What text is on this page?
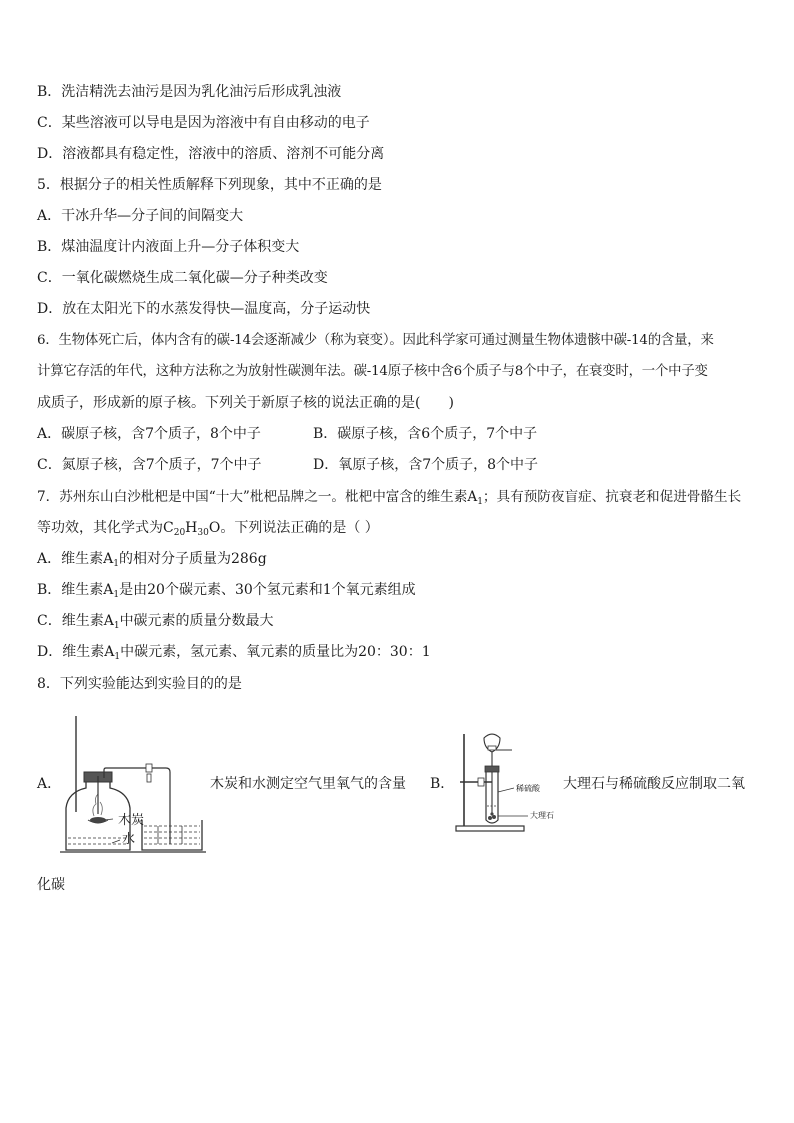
B．洗洁精洗去油污是因为乳化油污后形成乳浊液
C．某些溶液可以导电是因为溶液中有自由移动的电子
D．溶液都具有稳定性，溶液中的溶质、溶剂不可能分离
5．根据分子的相关性质解释下列现象，其中不正确的是
A．干冰升华—分子间的间隔变大
B．煤油温度计内液面上升—分子体积变大
C．一氧化碳燃烧生成二氧化碳—分子种类改变
D．放在太阳光下的水蒸发得快—温度高，分子运动快
6．生物体死亡后，体内含有的碳-14会逐渐减少（称为衰变）。因此科学家可通过测量生物体遗骸中碳-14的含量，来
计算它存活的年代，这种方法称之为放射性碳测年法。碳-14原子核中含6个质子与8个中子，在衰变时，一个中子变
成质子，形成新的原子核。下列关于新原子核的说法正确的是(　　)
A．碳原子核，含7个质子，8个中子	B．碳原子核，含6个质子，7个中子
C．氮原子核，含7个质子，7个中子	D．氧原子核，含7个质子，8个中子
7．苏州东山白沙枇杷是中国“十大”枇杷品牌之一。枇杷中富含的维生素$A_1$；具有预防夜盲症、抗衰老和促进骨骼生长
等功效，其化学式为$C_{20}H_{30}O$。下列说法正确的是（ ）
A．维生素$A_1$的相对分子质量为286g
B．维生素$A_1$是由20个碳元素、30个氢元素和1个氧元素组成
C．维生素$A_1$中碳元素的质量分数最大
D．维生素$A_1$中碳元素，氢元素、氧元素的质量比为20：30：1
8．下列实验能达到实验目的的是
A．
木炭
水
木炭和水测定空气里氧气的含量 B．	稀硫酸
大理石
大理石与稀硫酸反应制取二氧
化碳
